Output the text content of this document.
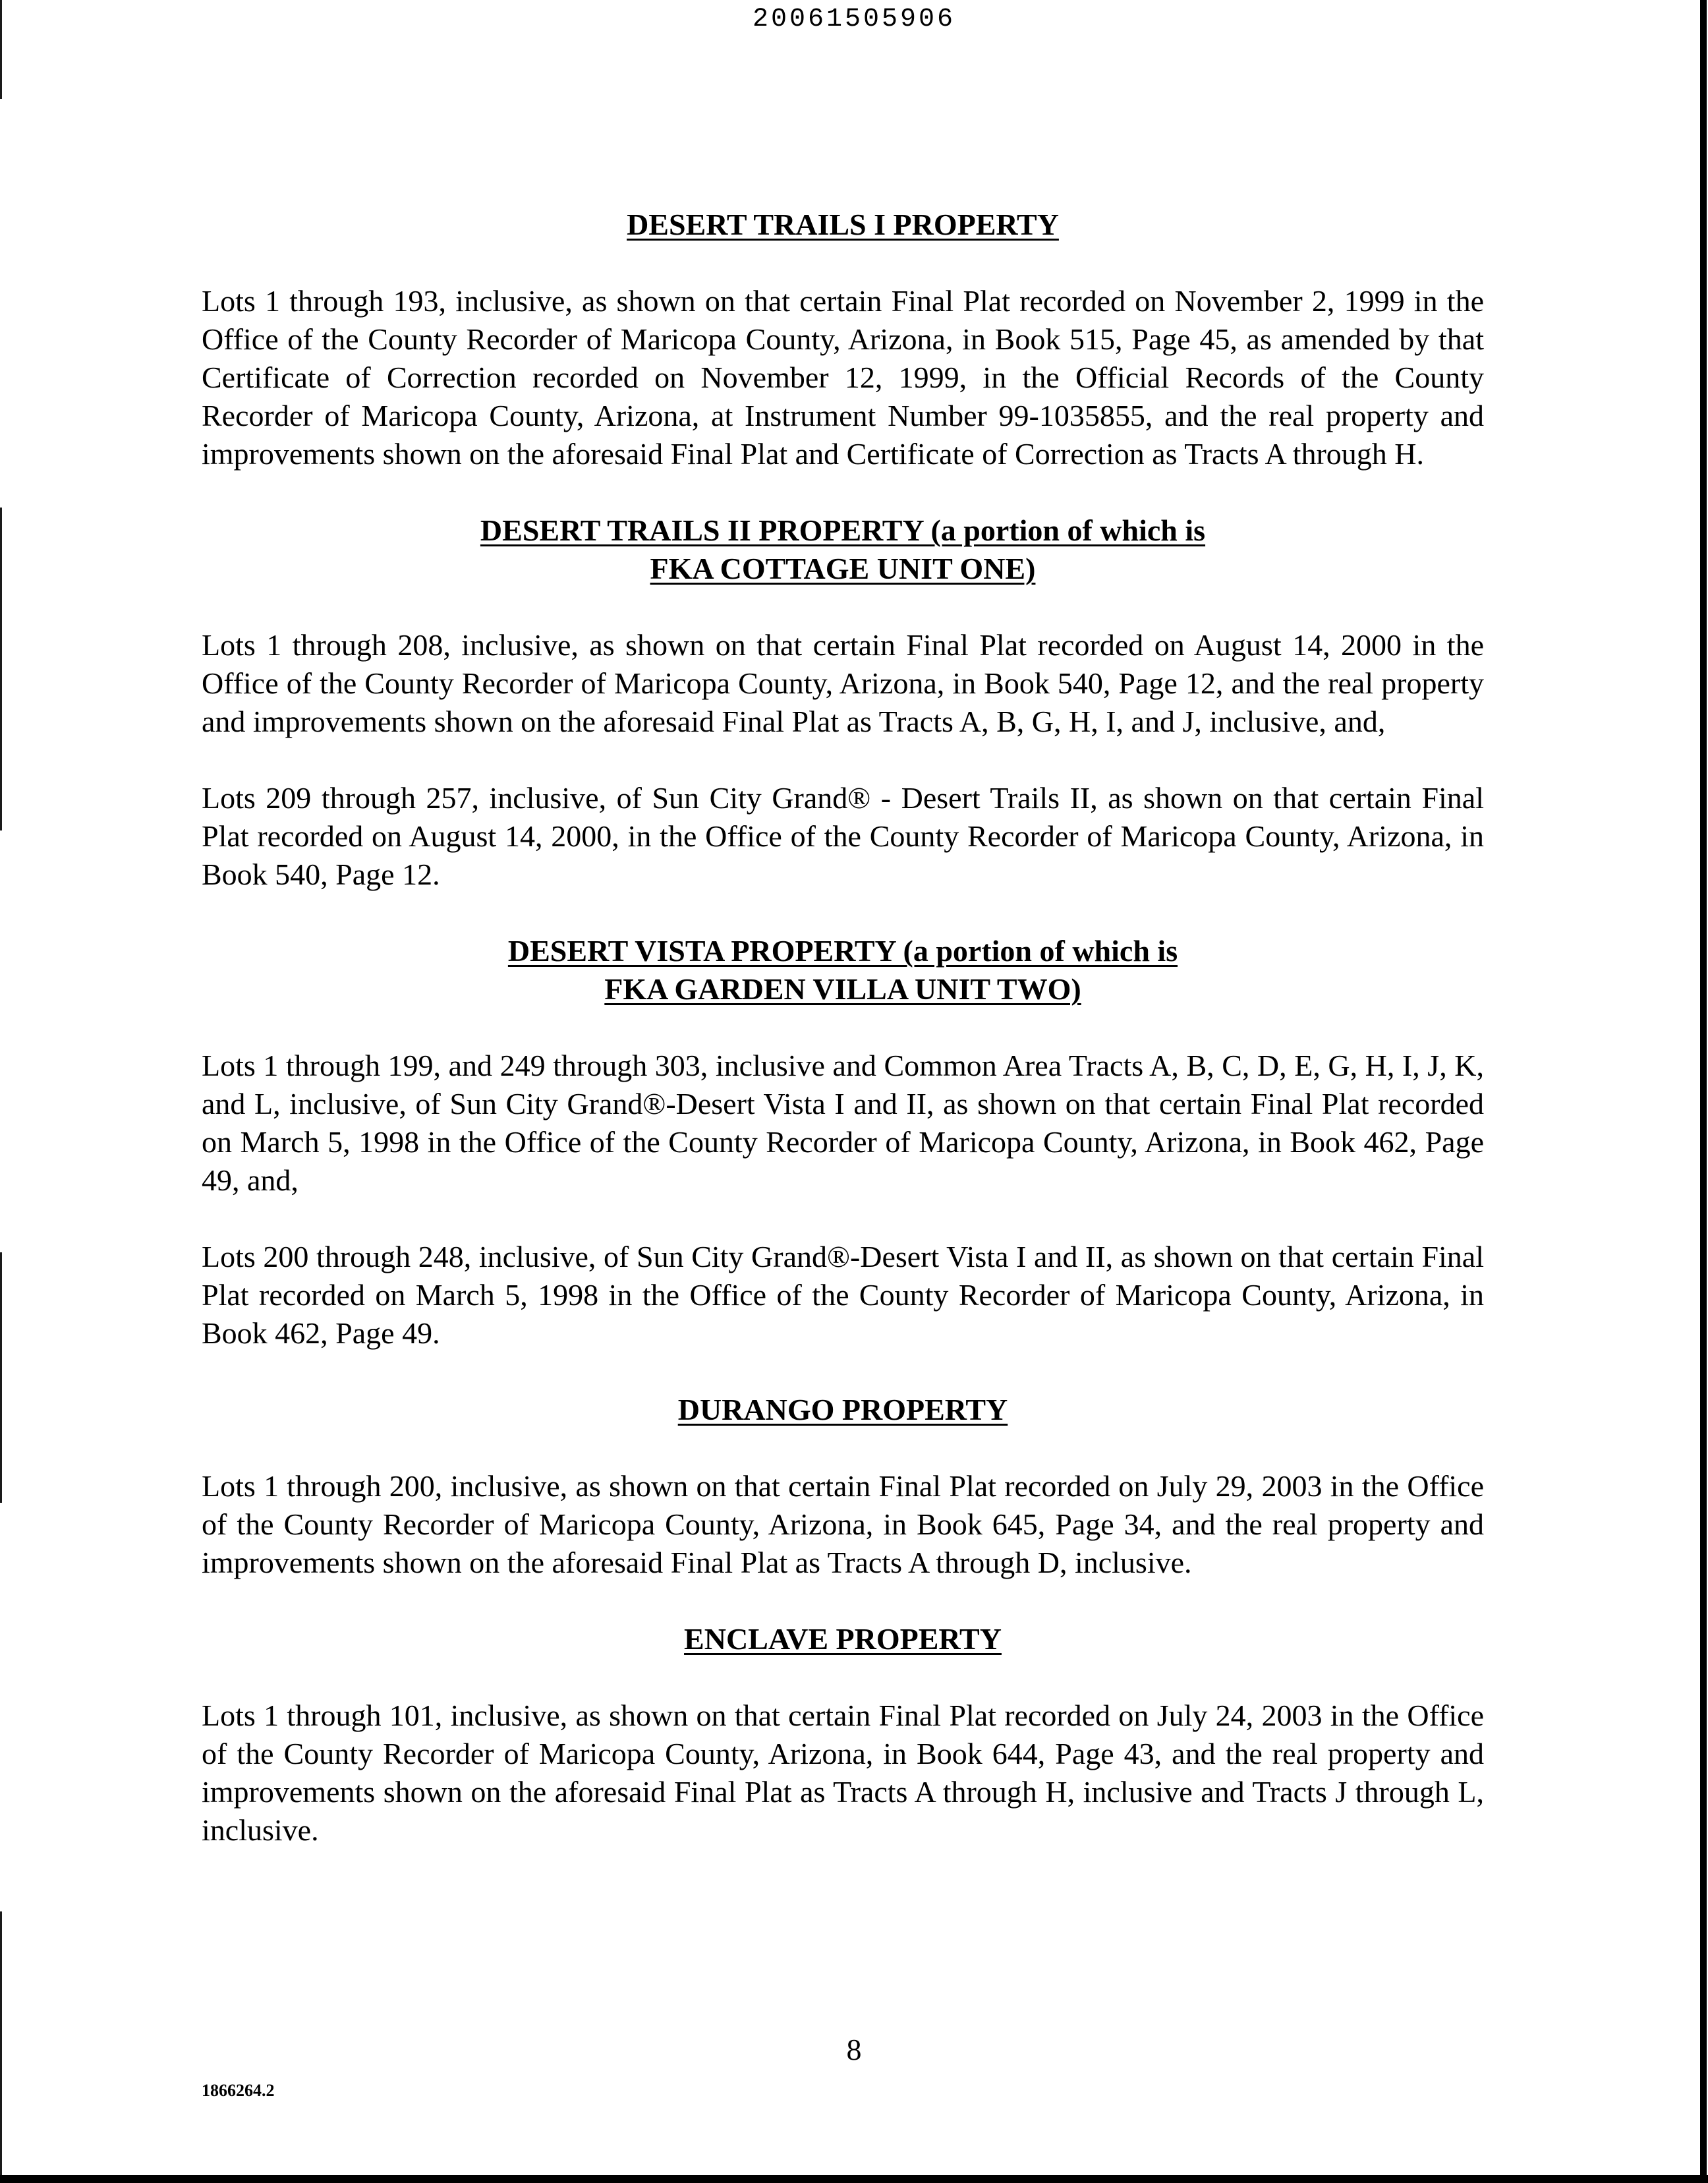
20061505906
DESERT TRAILS I PROPERTY

Lots 1 through 193, inclusive, as shown on that certain Final Plat recorded on November 2, 1999 in the Office of the County Recorder of Maricopa County, Arizona, in Book 515, Page 45, as amended by that Certificate of Correction recorded on November 12, 1999, in the Official Records of the County Recorder of Maricopa County, Arizona, at Instrument Number 99-1035855, and the real property and improvements shown on the aforesaid Final Plat and Certificate of Correction as Tracts A through H.

DESERT TRAILS II PROPERTY (a portion of which is
FKA COTTAGE UNIT ONE)

Lots 1 through 208, inclusive, as shown on that certain Final Plat recorded on August 14, 2000 in the Office of the County Recorder of Maricopa County, Arizona, in Book 540, Page 12, and the real property and improvements shown on the aforesaid Final Plat as Tracts A, B, G, H, I, and J, inclusive, and,

Lots 209 through 257, inclusive, of Sun City Grand® - Desert Trails II, as shown on that certain Final Plat recorded on August 14, 2000, in the Office of the County Recorder of Maricopa County, Arizona, in Book 540, Page 12.

DESERT VISTA PROPERTY (a portion of which is
FKA GARDEN VILLA UNIT TWO)

Lots 1 through 199, and 249 through 303, inclusive and Common Area Tracts A, B, C, D, E, G, H, I, J, K, and L, inclusive, of Sun City Grand®-Desert Vista I and II, as shown on that certain Final Plat recorded on March 5, 1998 in the Office of the County Recorder of Maricopa County, Arizona, in Book 462, Page 49, and,

Lots 200 through 248, inclusive, of Sun City Grand®-Desert Vista I and II, as shown on that certain Final Plat recorded on March 5, 1998 in the Office of the County Recorder of Maricopa County, Arizona, in Book 462, Page 49.

DURANGO PROPERTY

Lots 1 through 200, inclusive, as shown on that certain Final Plat recorded on July 29, 2003 in the Office of the County Recorder of Maricopa County, Arizona, in Book 645, Page 34, and the real property and improvements shown on the aforesaid Final Plat as Tracts A through D, inclusive.

ENCLAVE PROPERTY

Lots 1 through 101, inclusive, as shown on that certain Final Plat recorded on July 24, 2003 in the Office of the County Recorder of Maricopa County, Arizona, in Book 644, Page 43, and the real property and improvements shown on the aforesaid Final Plat as Tracts A through H, inclusive and Tracts J through L, inclusive.

8
1866264.2
